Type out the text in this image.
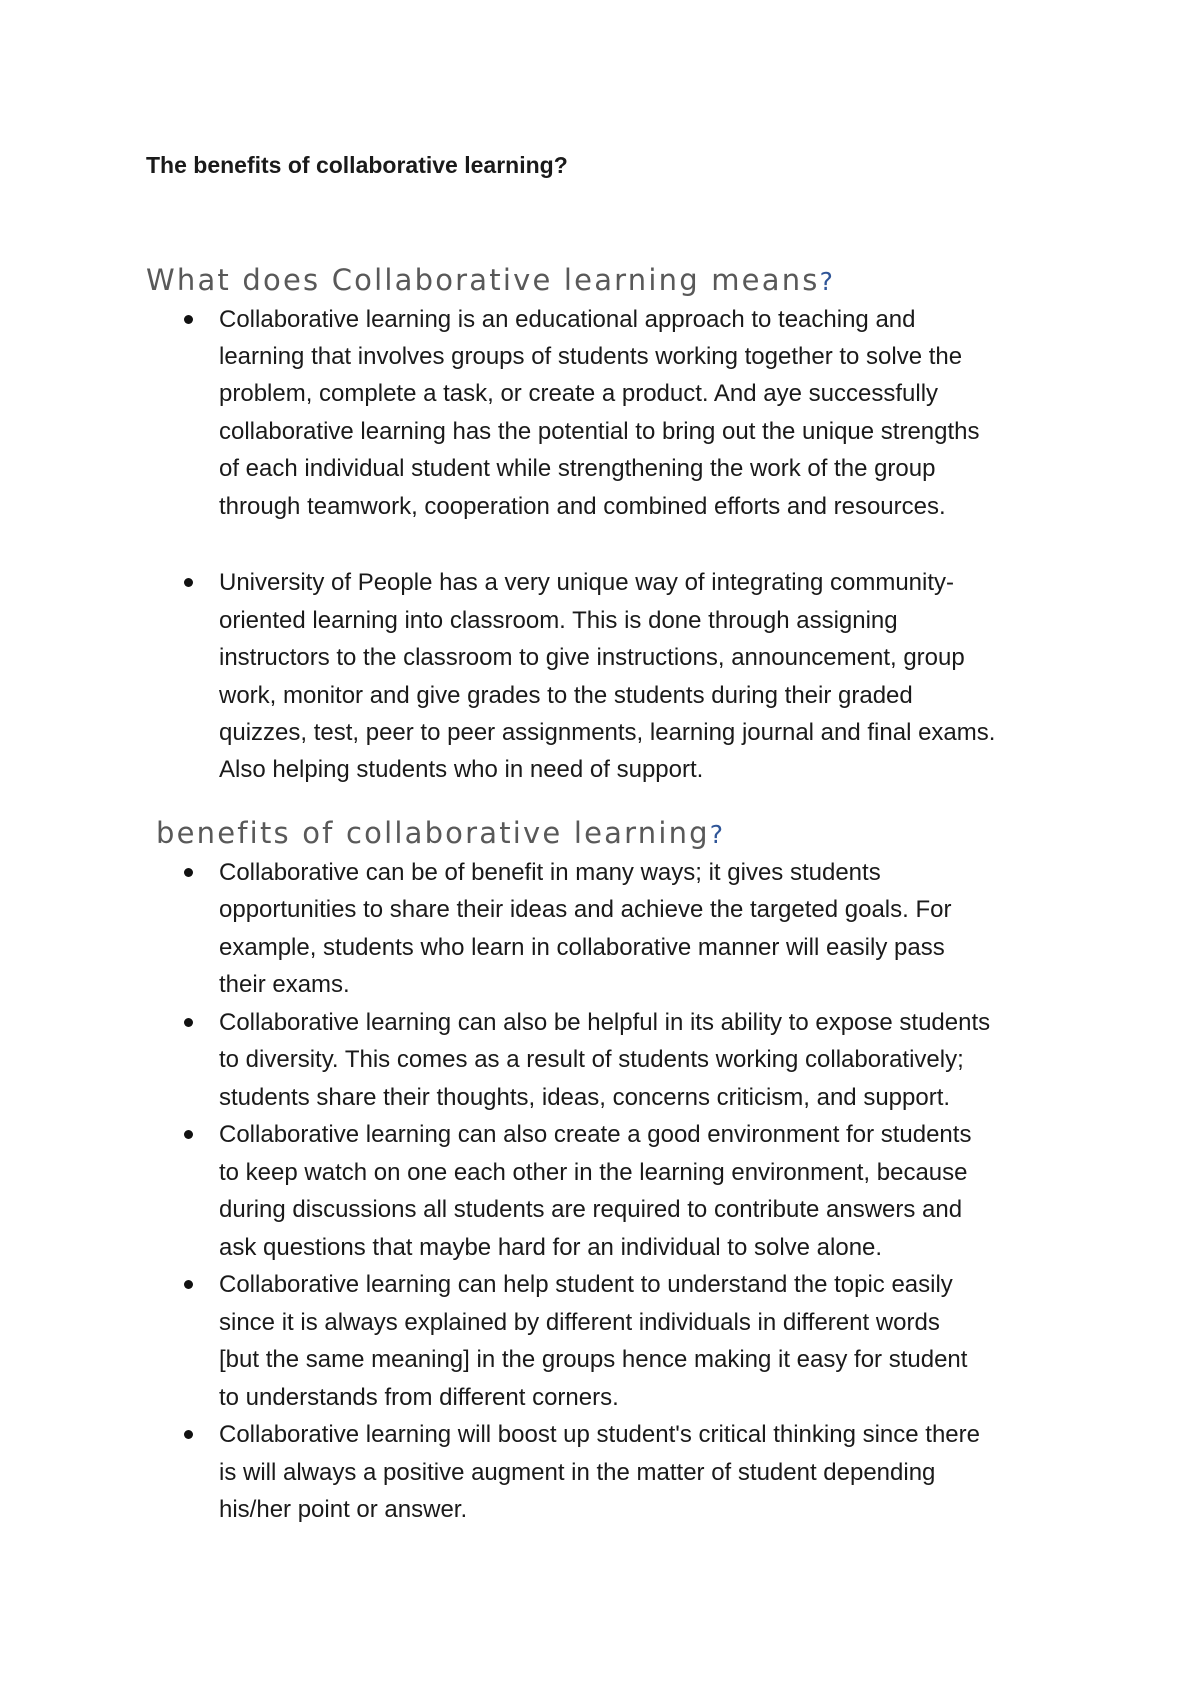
The benefits of collaborative learning?
What does Collaborative learning means?
Collaborative learning is an educational approach to teaching and
learning that involves groups of students working together to solve the
problem, complete a task, or create a product. And aye successfully
collaborative learning has the potential to bring out the unique strengths
of each individual student while strengthening the work of the group
through teamwork, cooperation and combined efforts and resources.
University of People has a very unique way of integrating community-
oriented learning into classroom. This is done through assigning
instructors to the classroom to give instructions, announcement, group
work, monitor and give grades to the students during their graded
quizzes, test, peer to peer assignments, learning journal and final exams.
Also helping students who in need of support.
benefits of collaborative learning?
Collaborative can be of benefit in many ways; it gives students
opportunities to share their ideas and achieve the targeted goals. For
example, students who learn in collaborative manner will easily pass
their exams.
Collaborative learning can also be helpful in its ability to expose students
to diversity. This comes as a result of students working collaboratively;
students share their thoughts, ideas, concerns criticism, and support.
Collaborative learning can also create a good environment for students
to keep watch on one each other in the learning environment, because
during discussions all students are required to contribute answers and
ask questions that maybe hard for an individual to solve alone.
Collaborative learning can help student to understand the topic easily
since it is always explained by different individuals in different words
[but the same meaning] in the groups hence making it easy for student
to understands from different corners.
Collaborative learning will boost up student's critical thinking since there
is will always a positive augment in the matter of student depending
his/her point or answer.
